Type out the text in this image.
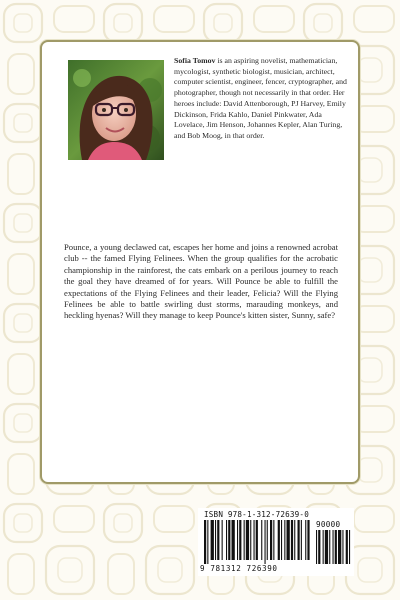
Sofia Tomov is an aspiring novelist, mathematician, mycologist, synthetic biologist, musician, architect, computer scientist, engineer, fencer, cryptographer, and photographer, though not necessarily in that order. Her heroes include: David Attenborough, PJ Harvey, Emily Dickinson, Frida Kahlo, Daniel Pinkwater, Ada Lovelace, Jim Henson, Johannes Kepler, Alan Turing, and Bob Moog, in that order.
Pounce, a young declawed cat, escapes her home and joins a renowned acrobat club -- the famed Flying Felinees. When the group qualifies for the acrobatic championship in the rainforest, the cats embark on a perilous journey to reach the goal they have dreamed of for years. Will Pounce be able to fulfill the expectations of the Flying Felinees and their leader, Felicia? Will the Flying Felinees be able to battle swirling dust storms, marauding monkeys, and heckling hyenas? Will they manage to keep Pounce's kitten sister, Sunny, safe?
ISBN 978-1-312-72639-0
90000
9 781312 726390
